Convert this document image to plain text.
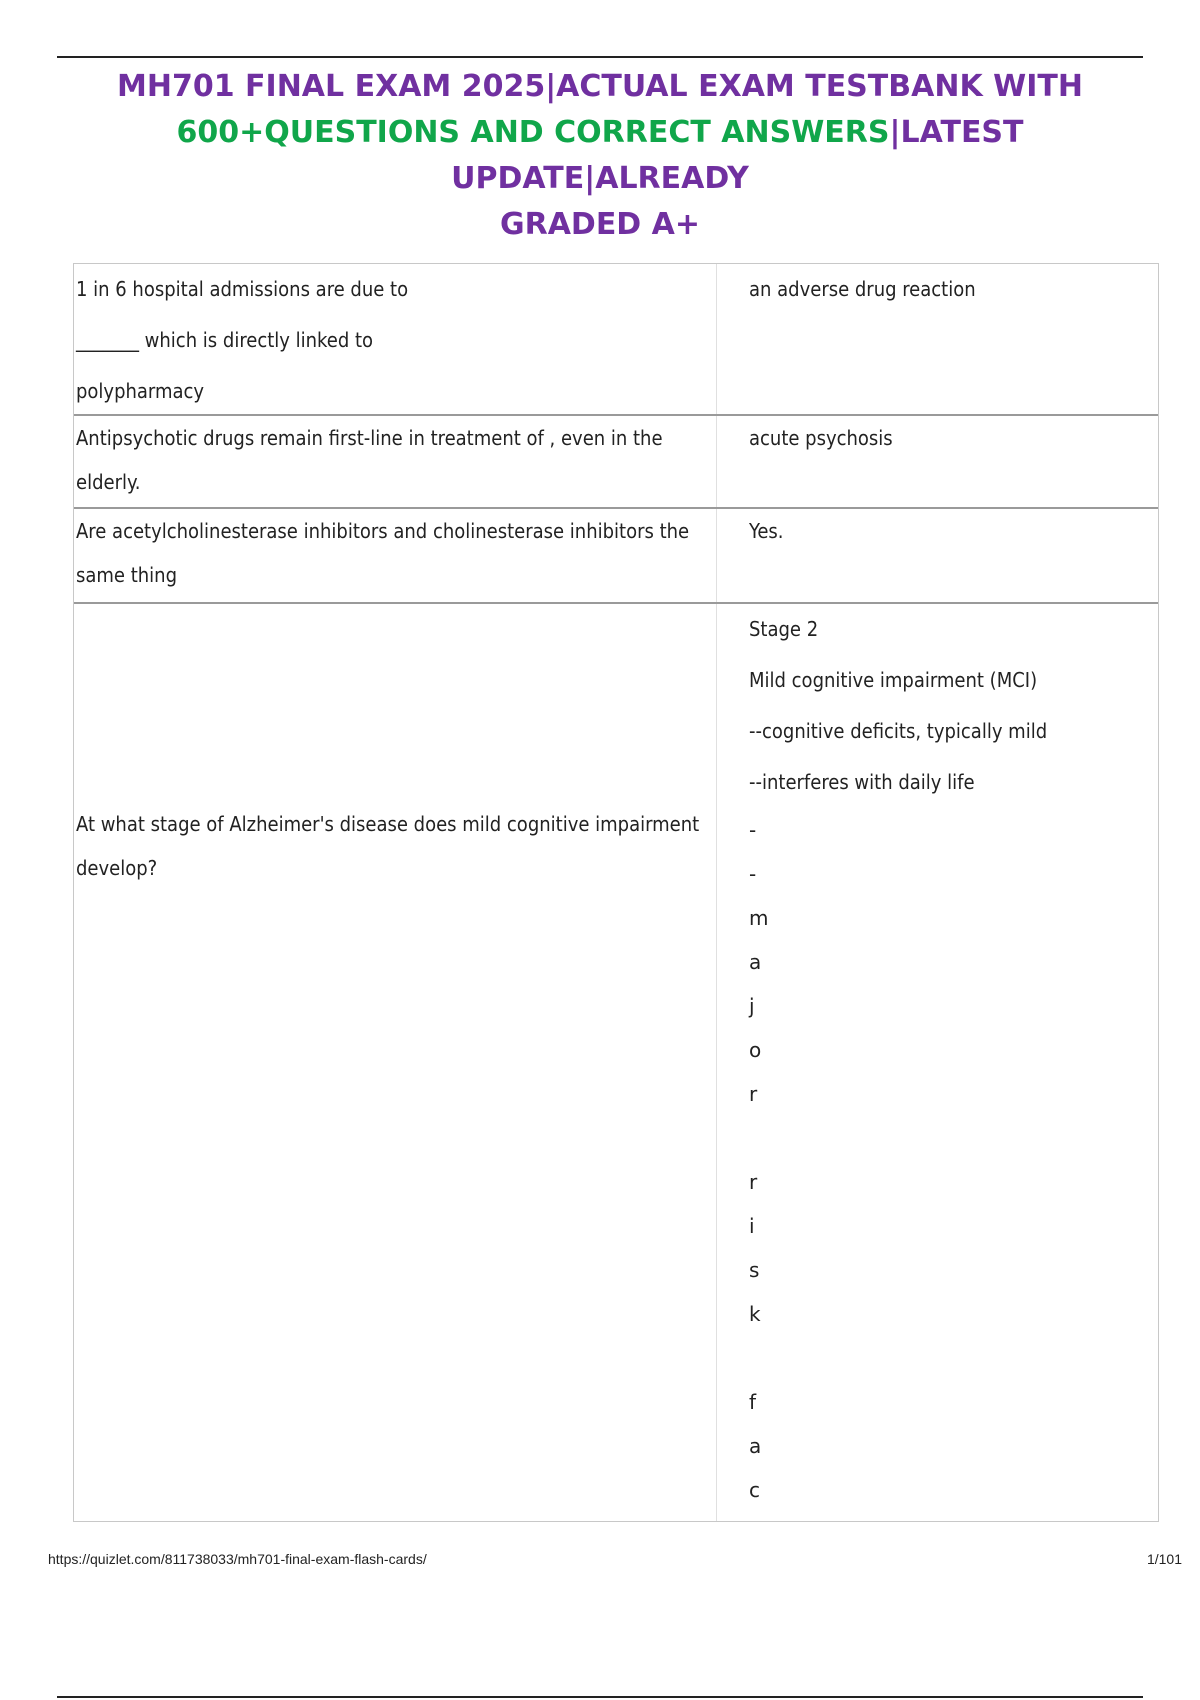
MH701 FINAL EXAM 2025|ACTUAL EXAM TESTBANK WITH
600+QUESTIONS AND CORRECT ANSWERS|LATEST UPDATE|ALREADY
GRADED A+
1 in 6 hospital admissions are due to
_______ which is directly linked to
polypharmacy
an adverse drug reaction
Antipsychotic drugs remain first-line in treatment of , even in the
elderly.
acute psychosis
Are acetylcholinesterase inhibitors and cholinesterase inhibitors the
same thing
Yes.
At what stage of Alzheimer's disease does mild cognitive impairment
develop?
Stage 2
Mild cognitive impairment (MCI)
--cognitive deficits, typically mild
--interferes with daily life
-
-
m
a
j
o
r
r
i
s
k
f
a
c
https://quizlet.com/811738033/mh701-final-exam-flash-cards/	1/101
